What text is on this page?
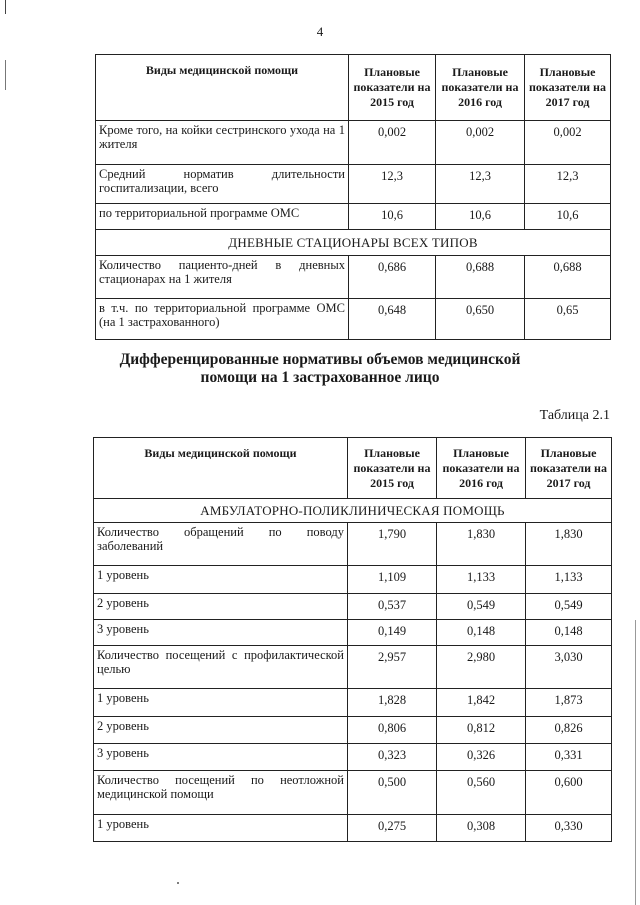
4
Виды медицинской помощи	Плановые показатели на 2015 год	Плановые показатели на 2016 год	Плановые показатели на 2017 год
Кроме того, на койки сестринского ухода на 1 жителя	0,002	0,002	0,002
Средний норматив длительности госпитализации, всего	12,3	12,3	12,3
по территориальной программе ОМС	10,6	10,6	10,6
ДНЕВНЫЕ СТАЦИОНАРЫ ВСЕХ ТИПОВ			
Количество пациенто-дней в дневных стационарах на 1 жителя	0,686	0,688	0,688
в т.ч. по территориальной программе ОМС (на 1 застрахованного)	0,648	0,650	0,65
Дифференцированные нормативы объемов медицинской
помощи на 1 застрахованное лицо
Таблица 2.1
Виды медицинской помощи	Плановые показатели на 2015 год	Плановые показатели на 2016 год	Плановые показатели на 2017 год
АМБУЛАТОРНО-ПОЛИКЛИНИЧЕСКАЯ ПОМОЩЬ			
Количество обращений по поводу заболеваний	1,790	1,830	1,830
1 уровень	1,109	1,133	1,133
2 уровень	0,537	0,549	0,549
3 уровень	0,149	0,148	0,148
Количество посещений с профилактической целью	2,957	2,980	3,030
1 уровень	1,828	1,842	1,873
2 уровень	0,806	0,812	0,826
3 уровень	0,323	0,326	0,331
Количество посещений по неотложной медицинской помощи	0,500	0,560	0,600
1 уровень	0,275	0,308	0,330
